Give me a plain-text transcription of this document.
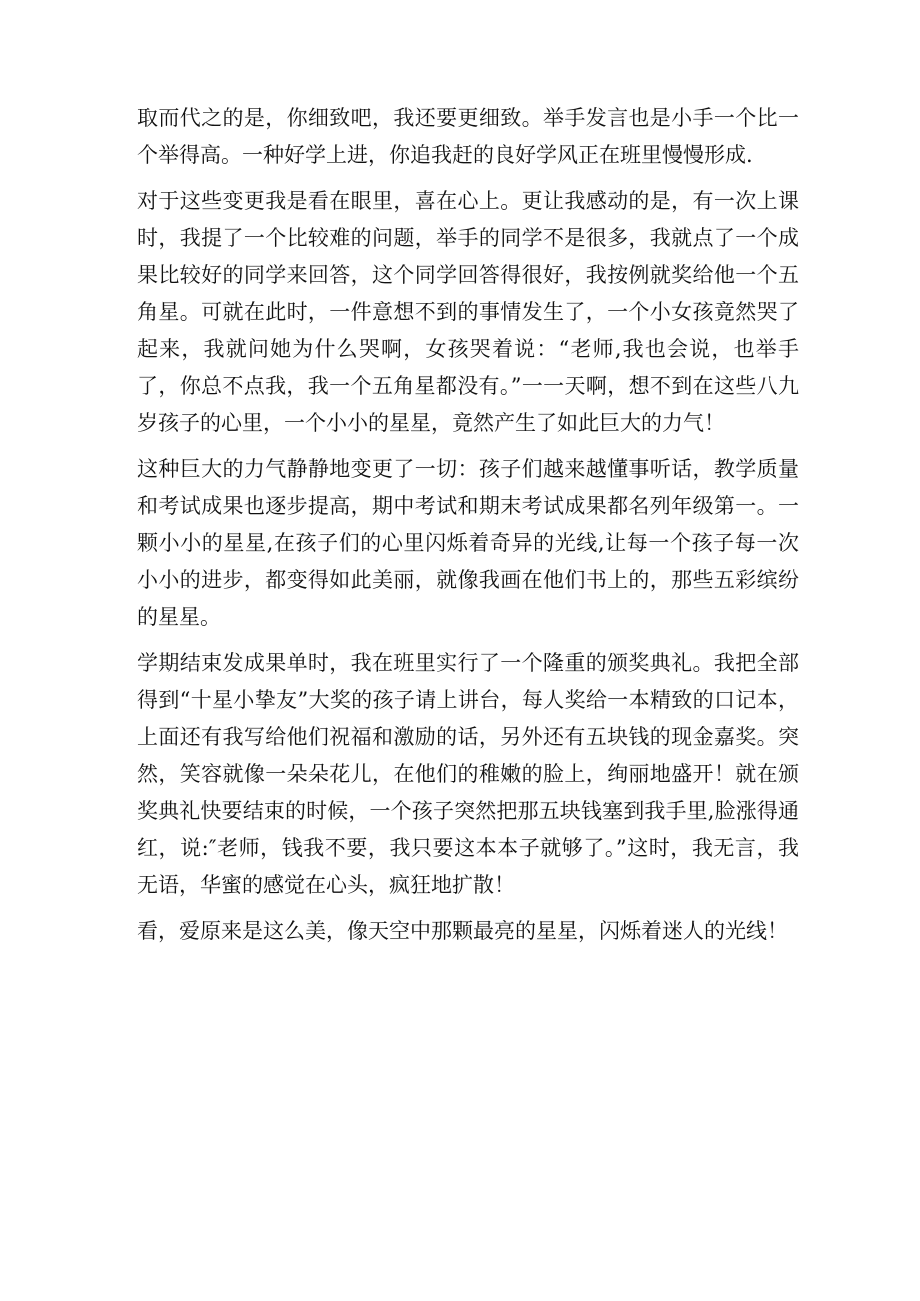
取而代之的是，你细致吧，我还要更细致。举手发言也是小手一个比一个举得高。一种好学上进，你追我赶的良好学风正在班里慢慢形成.

对于这些变更我是看在眼里，喜在心上。更让我感动的是，有一次上课时，我提了一个比较难的问题，举手的同学不是很多，我就点了一个成果比较好的同学来回答，这个同学回答得很好，我按例就奖给他一个五角星。可就在此时，一件意想不到的事情发生了，一个小女孩竟然哭了起来，我就问她为什么哭啊，女孩哭着说：“老师,我也会说，也举手了，你总不点我，我一个五角星都没有。”一一天啊，想不到在这些八九岁孩子的心里，一个小小的星星，竟然产生了如此巨大的力气！

这种巨大的力气静静地变更了一切：孩子们越来越懂事听话，教学质量和考试成果也逐步提高，期中考试和期末考试成果都名列年级第一。一颗小小的星星,在孩子们的心里闪烁着奇异的光线,让每一个孩子每一次小小的进步，都变得如此美丽，就像我画在他们书上的，那些五彩缤纷的星星。

学期结束发成果单时，我在班里实行了一个隆重的颁奖典礼。我把全部得到“十星小挚友”大奖的孩子请上讲台，每人奖给一本精致的口记本，上面还有我写给他们祝福和激励的话，另外还有五块钱的现金嘉奖。突然，笑容就像一朵朵花儿，在他们的稚嫩的脸上，绚丽地盛开！就在颁奖典礼快要结束的时候，一个孩子突然把那五块钱塞到我手里,脸涨得通红，说:″老师，钱我不要，我只要这本本子就够了。”这时，我无言，我无语，华蜜的感觉在心头，疯狂地扩散！

看，爱原来是这么美，像天空中那颗最亮的星星，闪烁着迷人的光线！
